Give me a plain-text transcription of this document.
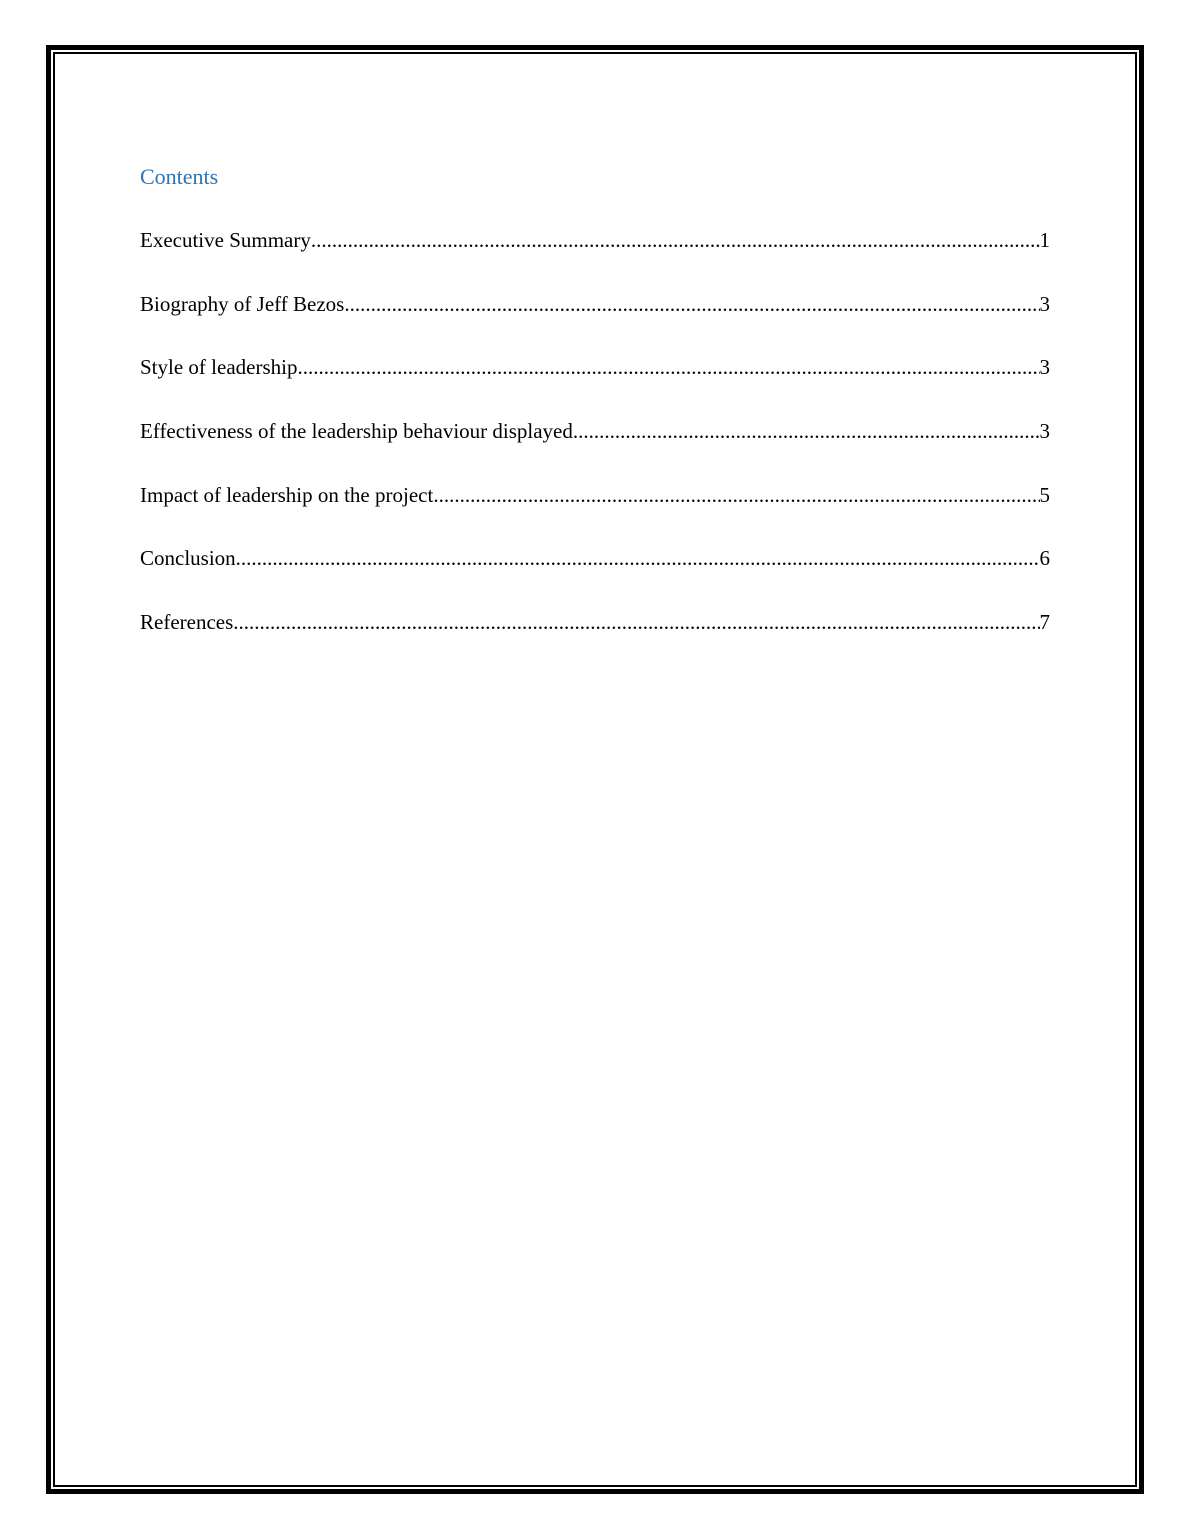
Contents
Executive Summary .....	1
Biography of Jeff Bezos .....	3
Style of leadership .....	3
Effectiveness of the leadership behaviour displayed .....	3
Impact of leadership on the project .....	5
Conclusion .....	6
References .....	7
